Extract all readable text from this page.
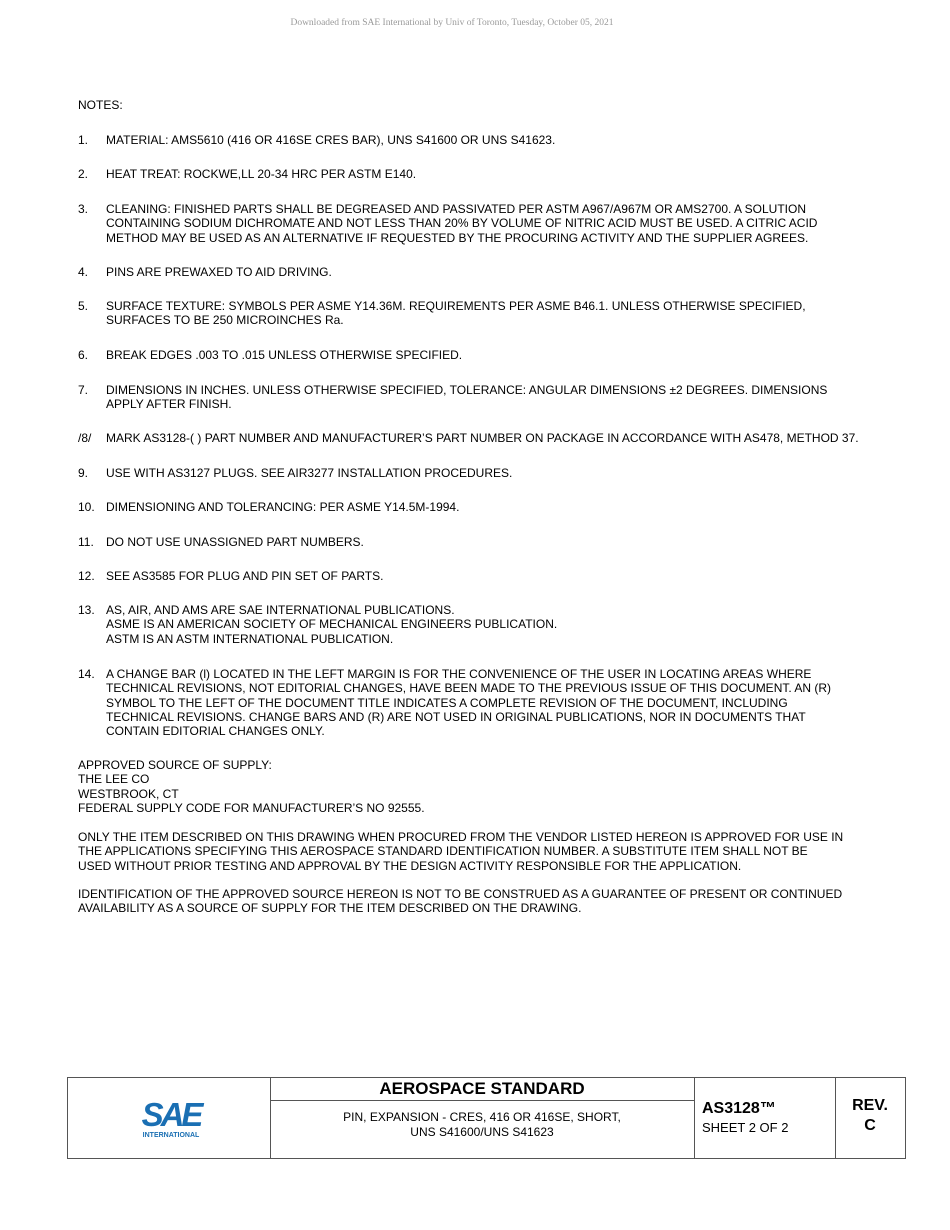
Downloaded from SAE International by Univ of Toronto, Tuesday, October 05, 2021
NOTES:
1.	MATERIAL: AMS5610 (416 OR 416SE CRES BAR), UNS S41600 OR UNS S41623.
2.	HEAT TREAT: ROCKWE,LL 20-34 HRC PER ASTM E140.
3.	CLEANING: FINISHED PARTS SHALL BE DEGREASED AND PASSIVATED PER ASTM A967/A967M OR AMS2700. A SOLUTION
CONTAINING SODIUM DICHROMATE AND NOT LESS THAN 20% BY VOLUME OF NITRIC ACID MUST BE USED. A CITRIC ACID
METHOD MAY BE USED AS AN ALTERNATIVE IF REQUESTED BY THE PROCURING ACTIVITY AND THE SUPPLIER AGREES.
4.	PINS ARE PREWAXED TO AID DRIVING.
5.	SURFACE TEXTURE: SYMBOLS PER ASME Y14.36M. REQUIREMENTS PER ASME B46.1. UNLESS OTHERWISE SPECIFIED,
SURFACES TO BE 250 MICROINCHES Ra.
6.	BREAK EDGES .003 TO .015 UNLESS OTHERWISE SPECIFIED.
7.	DIMENSIONS IN INCHES. UNLESS OTHERWISE SPECIFIED, TOLERANCE: ANGULAR DIMENSIONS ±2 DEGREES. DIMENSIONS
APPLY AFTER FINISH.
/8/	MARK AS3128-( ) PART NUMBER AND MANUFACTURER’S PART NUMBER ON PACKAGE IN ACCORDANCE WITH AS478, METHOD 37.
9.	USE WITH AS3127 PLUGS. SEE AIR3277 INSTALLATION PROCEDURES.
10. DIMENSIONING AND TOLERANCING: PER ASME Y14.5M-1994.
11.	DO NOT USE UNASSIGNED PART NUMBERS.
12. SEE AS3585 FOR PLUG AND PIN SET OF PARTS.
13. AS, AIR, AND AMS ARE SAE INTERNATIONAL PUBLICATIONS.
ASME IS AN AMERICAN SOCIETY OF MECHANICAL ENGINEERS PUBLICATION.
ASTM IS AN ASTM INTERNATIONAL PUBLICATION.
14. A CHANGE BAR (l) LOCATED IN THE LEFT MARGIN IS FOR THE CONVENIENCE OF THE USER IN LOCATING AREAS WHERE
TECHNICAL REVISIONS, NOT EDITORIAL CHANGES, HAVE BEEN MADE TO THE PREVIOUS ISSUE OF THIS DOCUMENT. AN (R)
SYMBOL TO THE LEFT OF THE DOCUMENT TITLE INDICATES A COMPLETE REVISION OF THE DOCUMENT, INCLUDING
TECHNICAL REVISIONS. CHANGE BARS AND (R) ARE NOT USED IN ORIGINAL PUBLICATIONS, NOR IN DOCUMENTS THAT
CONTAIN EDITORIAL CHANGES ONLY.
APPROVED SOURCE OF SUPPLY:
THE LEE CO
WESTBROOK, CT
FEDERAL SUPPLY CODE FOR MANUFACTURER’S NO 92555.
ONLY THE ITEM DESCRIBED ON THIS DRAWING WHEN PROCURED FROM THE VENDOR LISTED HEREON IS APPROVED FOR USE IN
THE APPLICATIONS SPECIFYING THIS AEROSPACE STANDARD IDENTIFICATION NUMBER. A SUBSTITUTE ITEM SHALL NOT BE
USED WITHOUT PRIOR TESTING AND APPROVAL BY THE DESIGN ACTIVITY RESPONSIBLE FOR THE APPLICATION.
IDENTIFICATION OF THE APPROVED SOURCE HEREON IS NOT TO BE CONSTRUED AS A GUARANTEE OF PRESENT OR CONTINUED
AVAILABILITY AS A SOURCE OF SUPPLY FOR THE ITEM DESCRIBED ON THE DRAWING.
SAE
INTERNATIONAL
AEROSPACE STANDARD
PIN, EXPANSION - CRES, 416 OR 416SE, SHORT,
UNS S41600/UNS S41623
AS3128™
SHEET 2 OF 2
REV.
C
